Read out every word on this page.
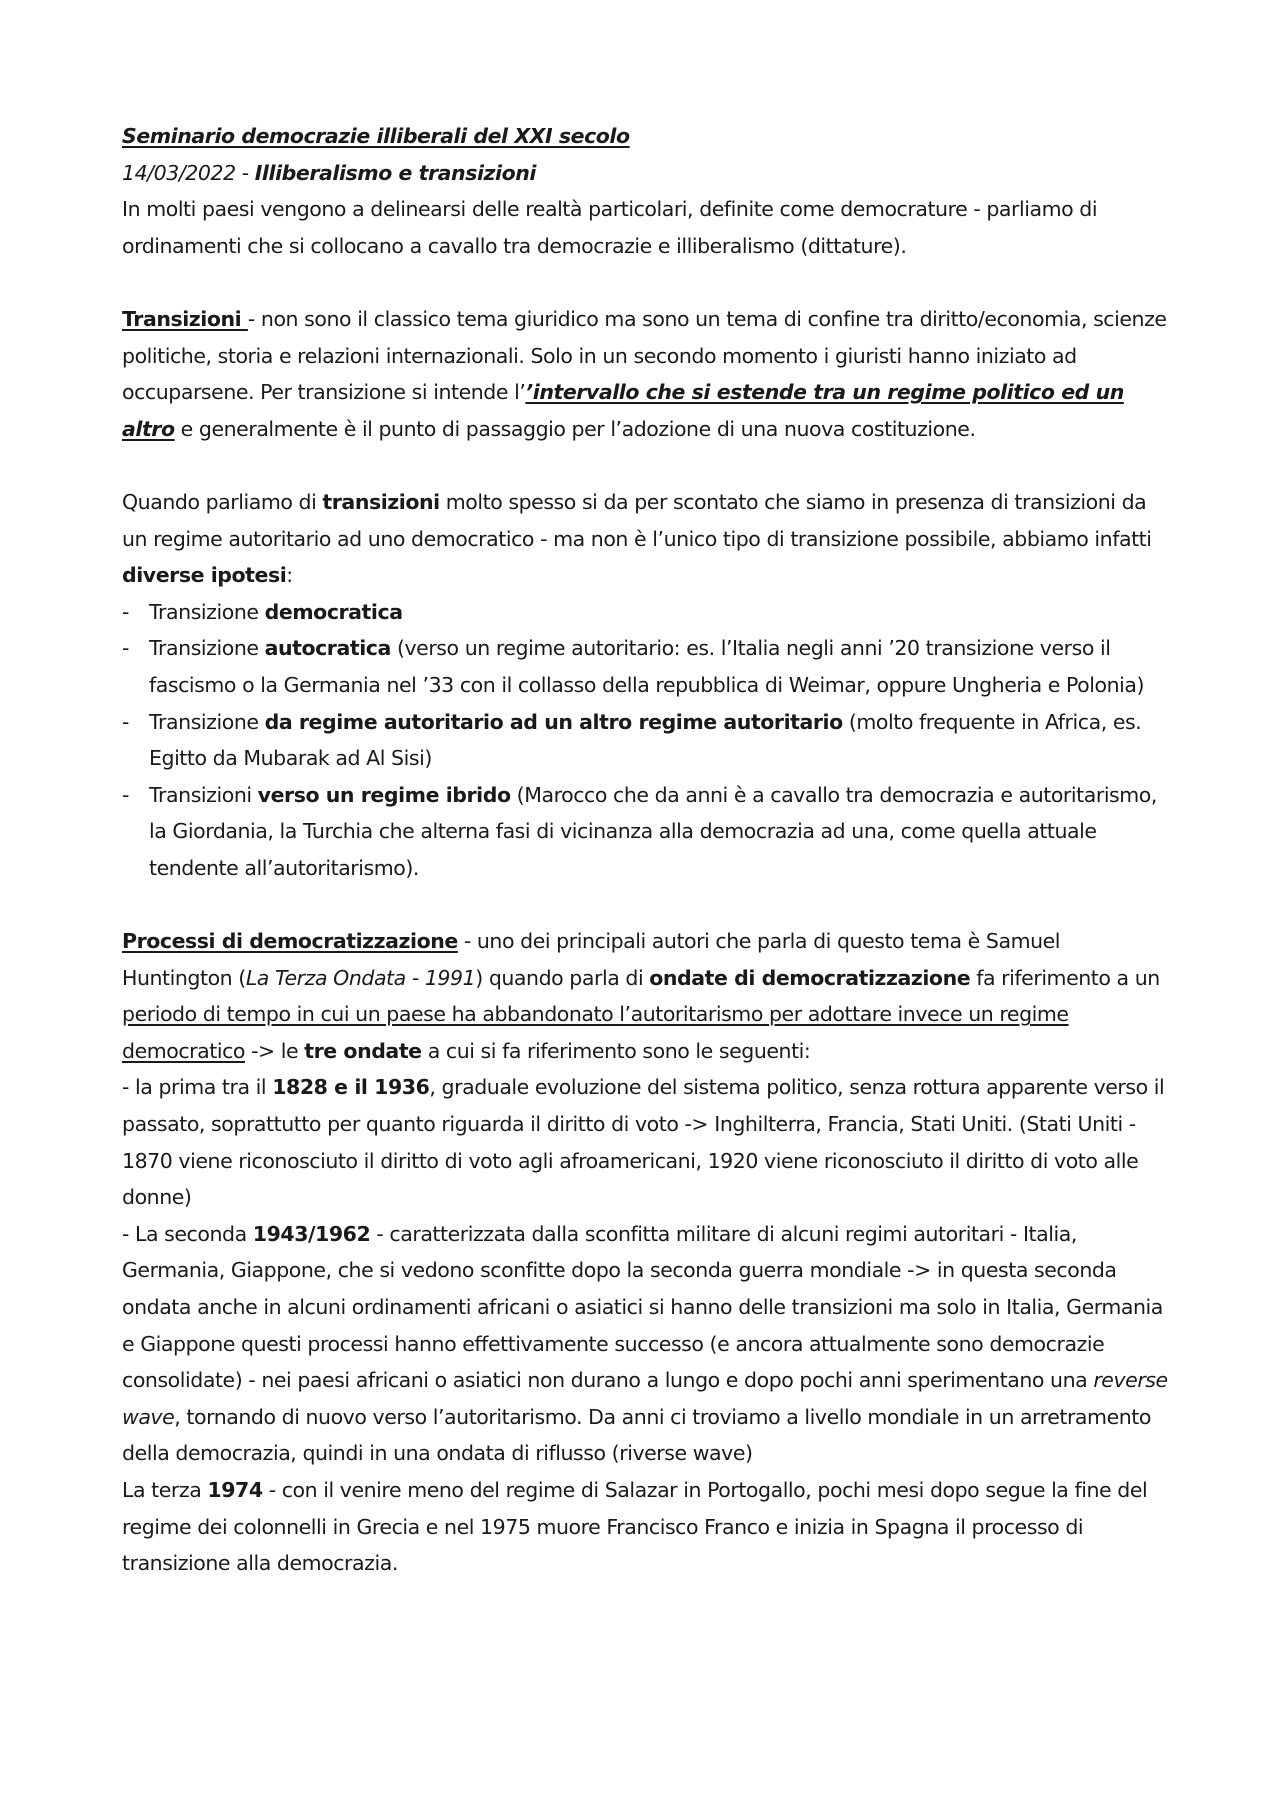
Seminario democrazie illiberali del XXI secolo

14/03/2022 - Illiberalismo e transizioni

In molti paesi vengono a delinearsi delle realtà particolari, definite come democrature - parliamo di ordinamenti che si collocano a cavallo tra democrazie e illiberalismo (dittature).

Transizioni - non sono il classico tema giuridico ma sono un tema di confine tra diritto/economia, scienze politiche, storia e relazioni internazionali. Solo in un secondo momento i giuristi hanno iniziato ad occuparsene. Per transizione si intende l’’intervallo che si estende tra un regime politico ed un altro e generalmente è il punto di passaggio per l’adozione di una nuova costituzione.

Quando parliamo di transizioni molto spesso si da per scontato che siamo in presenza di transizioni da un regime autoritario ad uno democratico - ma non è l’unico tipo di transizione possibile, abbiamo infatti diverse ipotesi:

- Transizione democratica
- Transizione autocratica (verso un regime autoritario: es. l’Italia negli anni ’20 transizione verso il fascismo o la Germania nel ’33 con il collasso della repubblica di Weimar, oppure Ungheria e Polonia)
- Transizione da regime autoritario ad un altro regime autoritario (molto frequente in Africa, es. Egitto da Mubarak ad Al Sisi)
- Transizioni verso un regime ibrido (Marocco che da anni è a cavallo tra democrazia e autoritarismo, la Giordania, la Turchia che alterna fasi di vicinanza alla democrazia ad una, come quella attuale tendente all’autoritarismo).

Processi di democratizzazione - uno dei principali autori che parla di questo tema è Samuel Huntington (La Terza Ondata - 1991) quando parla di ondate di democratizzazione fa riferimento a un periodo di tempo in cui un paese ha abbandonato l’autoritarismo per adottare invece un regime democratico -> le tre ondate a cui si fa riferimento sono le seguenti:

- la prima tra il 1828 e il 1936, graduale evoluzione del sistema politico, senza rottura apparente verso il passato, soprattutto per quanto riguarda il diritto di voto -> Inghilterra, Francia, Stati Uniti. (Stati Uniti - 1870 viene riconosciuto il diritto di voto agli afroamericani, 1920 viene riconosciuto il diritto di voto alle donne)

- La seconda 1943/1962 - caratterizzata dalla sconfitta militare di alcuni regimi autoritari - Italia, Germania, Giappone, che si vedono sconfitte dopo la seconda guerra mondiale -> in questa seconda ondata anche in alcuni ordinamenti africani o asiatici si hanno delle transizioni ma solo in Italia, Germania e Giappone questi processi hanno effettivamente successo (e ancora attualmente sono democrazie consolidate) - nei paesi africani o asiatici non durano a lungo e dopo pochi anni sperimentano una reverse wave, tornando di nuovo verso l’autoritarismo. Da anni ci troviamo a livello mondiale in un arretramento della democrazia, quindi in una ondata di riflusso (riverse wave)

La terza 1974 - con il venire meno del regime di Salazar in Portogallo, pochi mesi dopo segue la fine del regime dei colonnelli in Grecia e nel 1975 muore Francisco Franco e inizia in Spagna il processo di transizione alla democrazia.
